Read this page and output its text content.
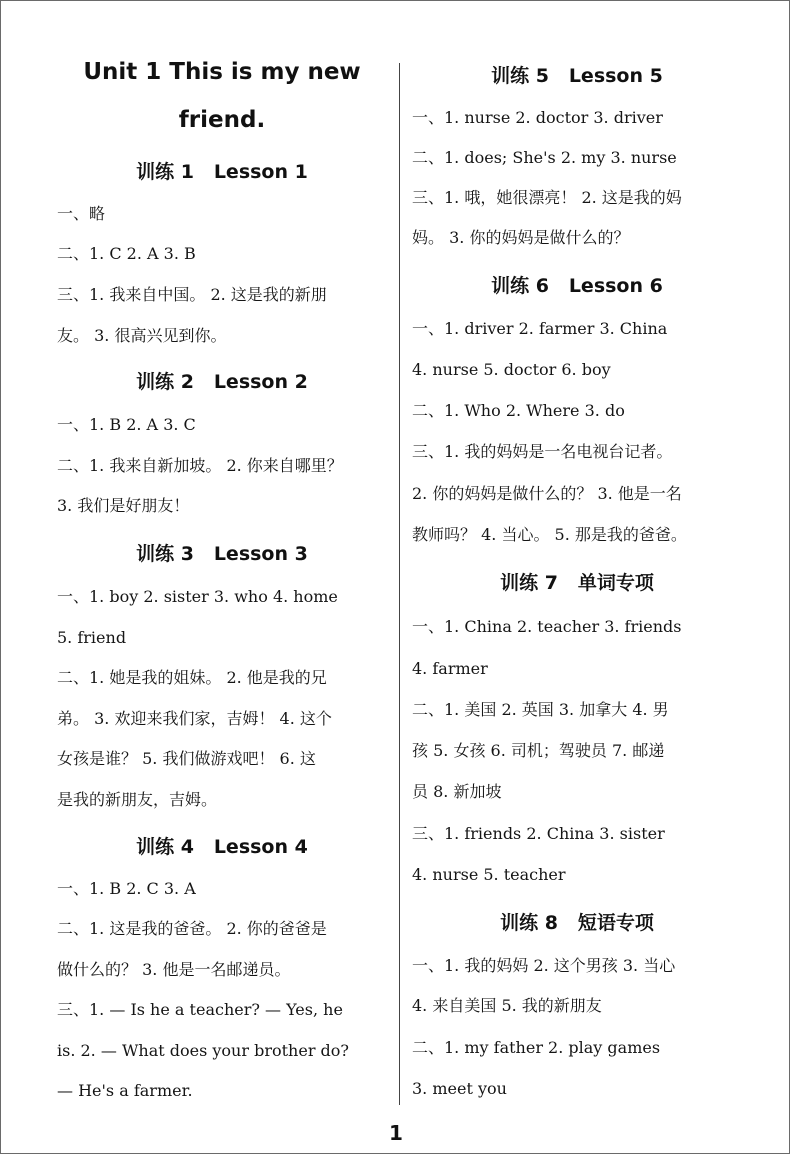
Unit 1 This is my new
friend.
训练 1   Lesson 1
一、略
二、1. C 2. A 3. B
三、1. 我来自中国。 2. 这是我的新朋
友。 3. 很高兴见到你。
训练 2   Lesson 2
一、1. B 2. A 3. C
二、1. 我来自新加坡。 2. 你来自哪里？
3. 我们是好朋友！
训练 3   Lesson 3
一、1. boy 2. sister 3. who 4. home
5. friend
二、1. 她是我的姐妹。 2. 他是我的兄
弟。 3. 欢迎来我们家，吉姆！ 4. 这个
女孩是谁？ 5. 我们做游戏吧！ 6. 这
是我的新朋友，吉姆。
训练 4   Lesson 4
一、1. B 2. C 3. A
二、1. 这是我的爸爸。 2. 你的爸爸是
做什么的？ 3. 他是一名邮递员。
三、1. — Is he a teacher? — Yes, he
is. 2. — What does your brother do?
— He's a farmer.
训练 5   Lesson 5
一、1. nurse 2. doctor 3. driver
二、1. does; She's 2. my 3. nurse
三、1. 哦，她很漂亮！ 2. 这是我的妈
妈。 3. 你的妈妈是做什么的？
训练 6   Lesson 6
一、1. driver 2. farmer 3. China
4. nurse 5. doctor 6. boy
二、1. Who 2. Where 3. do
三、1. 我的妈妈是一名电视台记者。
2. 你的妈妈是做什么的？ 3. 他是一名
教师吗？ 4. 当心。 5. 那是我的爸爸。
训练 7   单词专项
一、1. China 2. teacher 3. friends
4. farmer
二、1. 美国 2. 英国 3. 加拿大 4. 男
孩 5. 女孩 6. 司机；驾驶员 7. 邮递
员 8. 新加坡
三、1. friends 2. China 3. sister
4. nurse 5. teacher
训练 8   短语专项
一、1. 我的妈妈 2. 这个男孩 3. 当心
4. 来自美国 5. 我的新朋友
二、1. my father 2. play games
3. meet you
1
